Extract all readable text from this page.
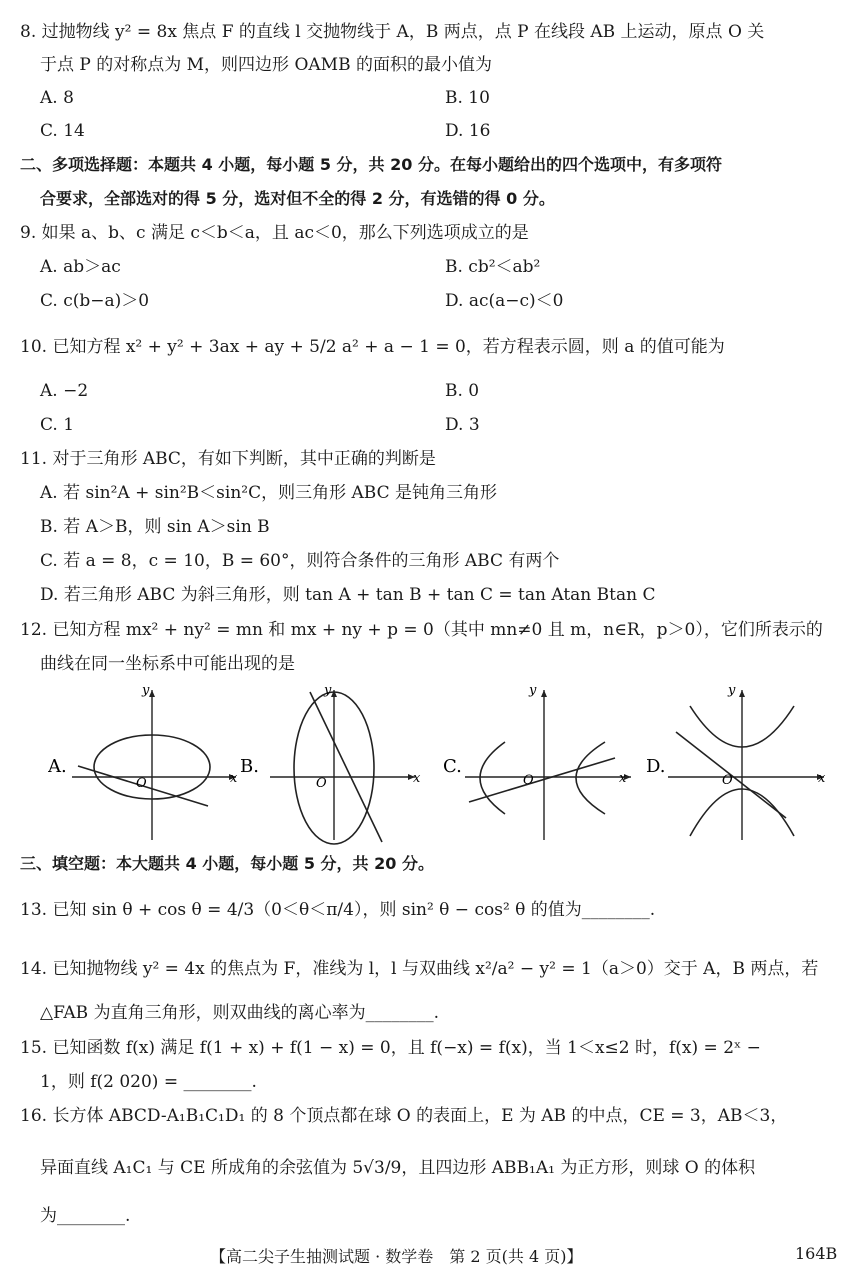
8. 过抛物线 y² = 8x 焦点 F 的直线 l 交抛物线于 A，B 两点，点 P 在线段 AB 上运动，原点 O 关
于点 P 的对称点为 M，则四边形 OAMB 的面积的最小值为
A. 8	B. 10
C. 14	D. 16
二、多项选择题：本题共 4 小题，每小题 5 分，共 20 分。在每小题给出的四个选项中，有多项符
合要求，全部选对的得 5 分，选对但不全的得 2 分，有选错的得 0 分。
9. 如果 a、b、c 满足 c＜b＜a，且 ac＜0，那么下列选项成立的是
A. ab＞ac	B. cb²＜ab²
C. c(b−a)＞0	D. ac(a−c)＜0
10. 已知方程 x² + y² + 3ax + ay + 5/2 a² + a − 1 = 0，若方程表示圆，则 a 的值可能为
A. −2	B. 0
C. 1	D. 3
11. 对于三角形 ABC，有如下判断，其中正确的判断是
A. 若 sin²A + sin²B＜sin²C，则三角形 ABC 是钝角三角形
B. 若 A＞B，则 sin A＞sin B
C. 若 a = 8，c = 10，B = 60°，则符合条件的三角形 ABC 有两个
D. 若三角形 ABC 为斜三角形，则 tan A + tan B + tan C = tan Atan Btan C
12. 已知方程 mx² + ny² = mn 和 mx + ny + p = 0（其中 mn≠0 且 m，n∈R，p＞0），它们所表示的
曲线在同一坐标系中可能出现的是
A.
O	x
y
B.
O	x
y
C.
O	x
y
D.
O	x
y
三、填空题：本大题共 4 小题，每小题 5 分，共 20 分。
13. 已知 sin θ + cos θ = 4/3（0＜θ＜π/4），则 sin² θ − cos² θ 的值为________.
14. 已知抛物线 y² = 4x 的焦点为 F，准线为 l，l 与双曲线 x²/a² − y² = 1（a＞0）交于 A，B 两点，若
△FAB 为直角三角形，则双曲线的离心率为________.
15. 已知函数 f(x) 满足 f(1 + x) + f(1 − x) = 0，且 f(−x) = f(x)，当 1＜x≤2 时，f(x) = 2ˣ −
1，则 f(2 020) = ________.
16. 长方体 ABCD-A₁B₁C₁D₁ 的 8 个顶点都在球 O 的表面上，E 为 AB 的中点，CE = 3，AB＜3，
异面直线 A₁C₁ 与 CE 所成角的余弦值为 5√3/9，且四边形 ABB₁A₁ 为正方形，则球 O 的体积
为________.
【高二尖子生抽测试题 · 数学卷　第 2 页(共 4 页)】	164B
